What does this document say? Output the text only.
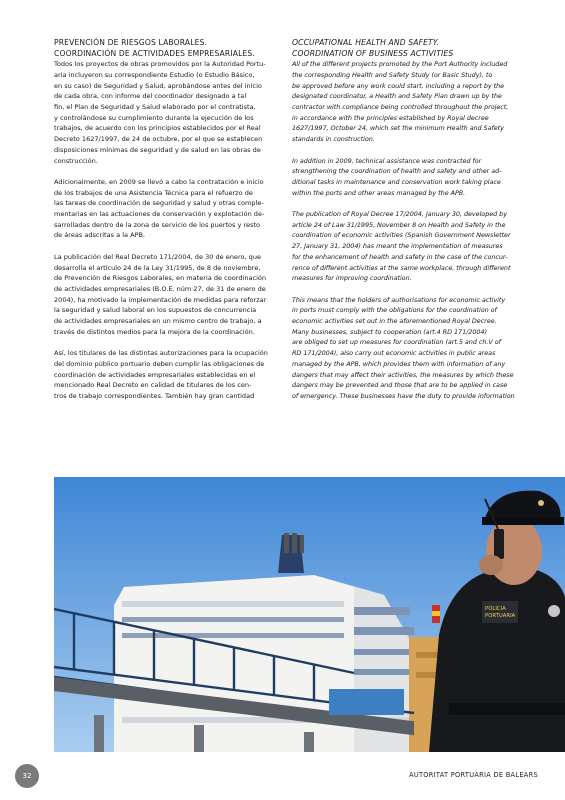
PREVENCIÓN DE RIESGOS LABORALES.
COORDINACIÓN DE ACTIVIDADES EMPRESARIALES.
Todos los proyectos de obras promovidos por la Autoridad Portu-
aria incluyeron su correspondiente Estudio (o Estudio Básico,
en su caso) de Seguridad y Salud, aprobándose antes del inicio
de cada obra, con informe del coordinador designado a tal
fin, el Plan de Seguridad y Salud elaborado por el contratista,
y controlándose su cumplimiento durante la ejecución de los
trabajos, de acuerdo con los principios establecidos por el Real
Decreto 1627/1997, de 24 de octubre, por el que se establecen
disposiciones mínimas de seguridad y de salud en las obras de
construcción.
Adicionalmente, en 2009 se llevó a cabo la contratación e inicio
de los trabajos de una Asistencia Técnica para el refuerzo de
las tareas de coordinación de seguridad y salud y otras comple-
mentarias en las actuaciones de conservación y explotación de-
sarrolladas dentro de la zona de servicio de los puertos y resto
de áreas adscritas a la APB.
La publicación del Real Decreto 171/2004, de 30 de enero, que
desarrolla el artículo 24 de la Ley 31/1995, de 8 de noviembre,
de Prevención de Riesgos Laborales, en materia de coordinación
de actividades empresariales (B.O.E. núm 27, de 31 de enero de
2004), ha motivado la implementación de medidas para reforzar
la seguridad y salud laboral en los supuestos de concurrencia
de actividades empresariales en un mismo centro de trabajo, a
través de distintos medios para la mejora de la coordinación.
Así, los titulares de las distintas autorizaciones para la ocupación
del dominio público portuario deben cumplir las obligaciones de
coordinación de actividades empresariales establecidas en el
mencionado Real Decreto en calidad de titulares de los cen-
tros de trabajo correspondientes. También hay gran cantidad
OCCUPATIONAL HEALTH AND SAFETY.
COORDINATION OF BUSINESS ACTIVITIES
All of the different projects promoted by the Port Authority included
the corresponding Health and Safety Study (or Basic Study), to
be approved before any work could start, including a report by the
designated coordinator, a Health and Safety Plan drawn up by the
contractor with compliance being controlled throughout the project,
in accordance with the principles established by Royal decree
1627/1997, October 24, which set the minimum Health and Safety
standards in construction.
In addition in 2009, technical assistance was contracted for
strengthening the coordination of health and safety and other ad-
ditional tasks in maintenance and conservation work taking place
within the ports and other areas managed by the APB.
The publication of Royal Decree 17/2004, January 30, developed by
article 24 of Law 31/1995, November 8 on Health and Safety in the
coordination of economic activities (Spanish Government Newsletter
27, January 31, 2004) has meant the implementation of measures
for the enhancement of health and safety in the case of the concur-
rence of different activities at the same workplace, through different
measures for improving coordination.
This means that the holders of authorisations for economic activity
in ports must comply with the obligations for the coordination of
economic activities set out in the aforementioned Royal Decree.
Many businesses, subject to cooperation (art.4 RD 171/2004)
are obliged to set up measures for coordination (art.5 and ch.V of
RD 171/2004), also carry out economic activities in public areas
managed by the APB, which provides them with information of any
dangers that may affect their activities, the measures by which these
dangers may be prevented and those that are to be applied in case
of emergency. These businesses have the duty to provide information
POLICIA
PORTUARIA
32	AUTORITAT PORTUÀRIA DE BALEARS
